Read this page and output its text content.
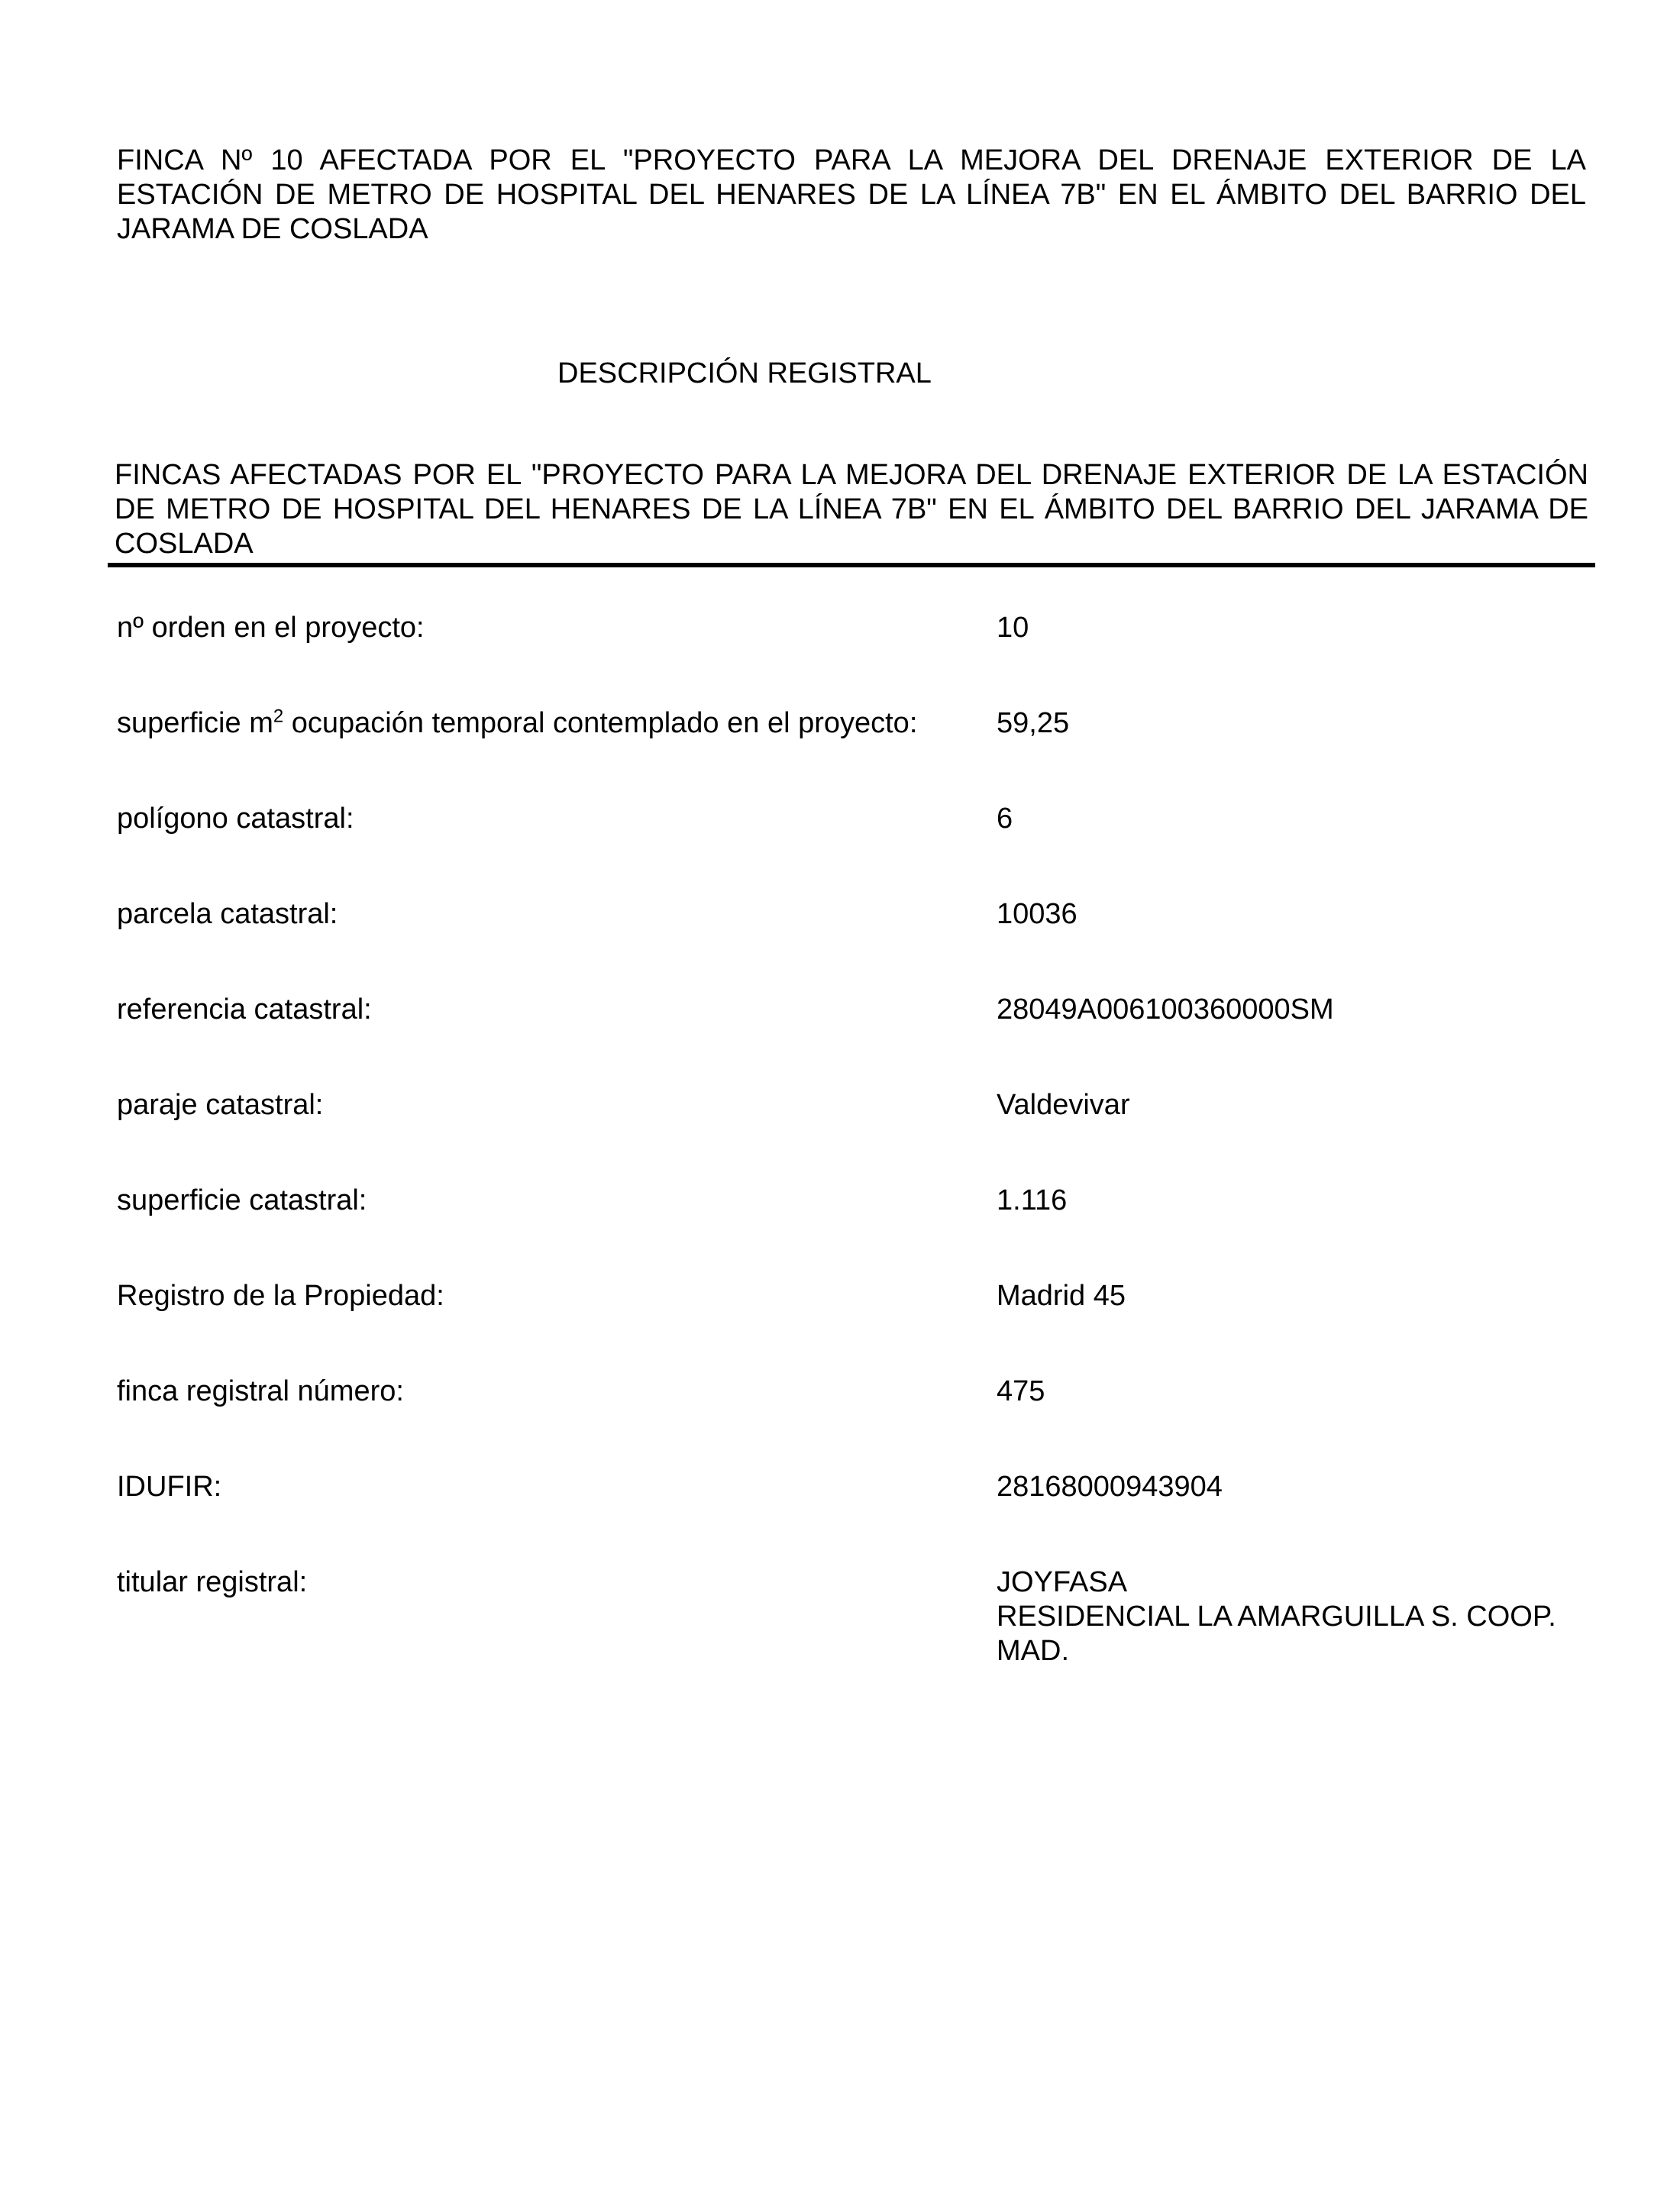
FINCA Nº 10 AFECTADA POR EL "PROYECTO PARA LA MEJORA DEL DRENAJE EXTERIOR DE LA
ESTACIÓN DE METRO DE HOSPITAL DEL HENARES DE LA LÍNEA 7B" EN EL ÁMBITO DEL BARRIO DEL
JARAMA DE COSLADA
DESCRIPCIÓN REGISTRAL
FINCAS AFECTADAS POR EL "PROYECTO PARA LA MEJORA DEL DRENAJE EXTERIOR DE LA ESTACIÓN
DE METRO DE HOSPITAL DEL HENARES DE LA LÍNEA 7B" EN EL ÁMBITO DEL BARRIO DEL JARAMA DE
COSLADA
nº orden en el proyecto:	10
superficie $m^2$ ocupación temporal contemplado en el proyecto:	59,25
polígono catastral:	6
parcela catastral:	10036
referencia catastral:	28049A006100360000SM
paraje catastral:	Valdevivar
superficie catastral:	1.116
Registro de la Propiedad:	Madrid 45
finca registral número:	475
IDUFIR:	28168000943904
titular registral:	JOYFASA
RESIDENCIAL LA AMARGUILLA S. COOP.
MAD.
